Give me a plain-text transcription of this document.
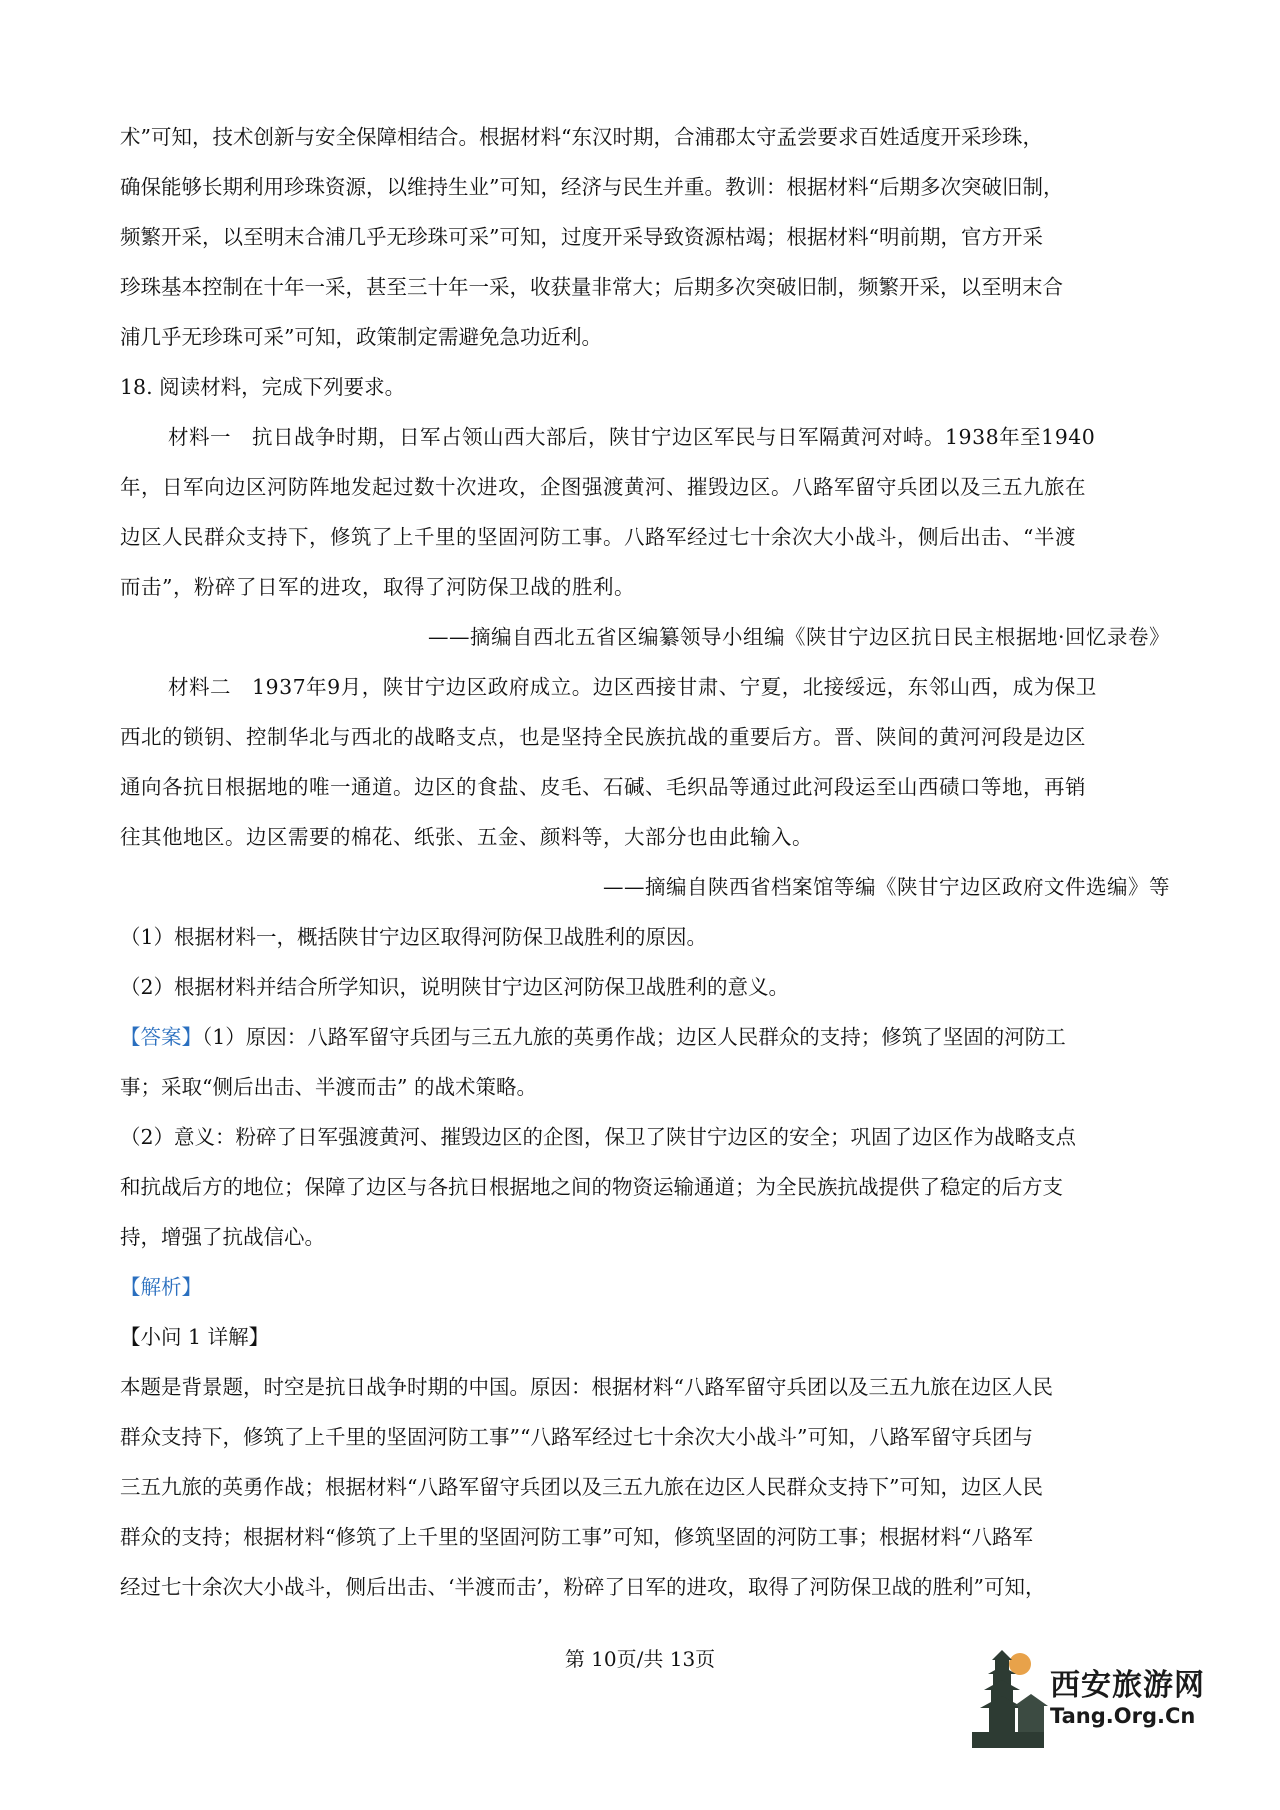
术”可知，技术创新与安全保障相结合。根据材料“东汉时期，合浦郡太守孟尝要求百姓适度开采珍珠，

确保能够长期利用珍珠资源，以维持生业”可知，经济与民生并重。教训：根据材料“后期多次突破旧制，

频繁开采，以至明末合浦几乎无珍珠可采”可知，过度开采导致资源枯竭；根据材料“明前期，官方开采

珍珠基本控制在十年一采，甚至三十年一采，收获量非常大；后期多次突破旧制，频繁开采，以至明末合

浦几乎无珍珠可采”可知，政策制定需避免急功近利。

18. 阅读材料，完成下列要求。

材料一　抗日战争时期，日军占领山西大部后，陕甘宁边区军民与日军隔黄河对峙。1938年至1940

年，日军向边区河防阵地发起过数十次进攻，企图强渡黄河、摧毁边区。八路军留守兵团以及三五九旅在

边区人民群众支持下，修筑了上千里的坚固河防工事。八路军经过七十余次大小战斗，侧后出击、“半渡

而击”，粉碎了日军的进攻，取得了河防保卫战的胜利。

——摘编自西北五省区编纂领导小组编《陕甘宁边区抗日民主根据地·回忆录卷》

材料二　1937年9月，陕甘宁边区政府成立。边区西接甘肃、宁夏，北接绥远，东邻山西，成为保卫

西北的锁钥、控制华北与西北的战略支点，也是坚持全民族抗战的重要后方。晋、陕间的黄河河段是边区

通向各抗日根据地的唯一通道。边区的食盐、皮毛、石碱、毛织品等通过此河段运至山西碛口等地，再销

往其他地区。边区需要的棉花、纸张、五金、颜料等，大部分也由此输入。

——摘编自陕西省档案馆等编《陕甘宁边区政府文件选编》等

（1）根据材料一，概括陕甘宁边区取得河防保卫战胜利的原因。

（2）根据材料并结合所学知识，说明陕甘宁边区河防保卫战胜利的意义。

【答案】（1）原因：八路军留守兵团与三五九旅的英勇作战；边区人民群众的支持；修筑了坚固的河防工

事；采取“侧后出击、半渡而击” 的战术策略。

（2）意义：粉碎了日军强渡黄河、摧毁边区的企图，保卫了陕甘宁边区的安全；巩固了边区作为战略支点

和抗战后方的地位；保障了边区与各抗日根据地之间的物资运输通道；为全民族抗战提供了稳定的后方支

持，增强了抗战信心。

【解析】

【小问 1 详解】

本题是背景题，时空是抗日战争时期的中国。原因：根据材料“八路军留守兵团以及三五九旅在边区人民

群众支持下，修筑了上千里的坚固河防工事”“八路军经过七十余次大小战斗”可知，八路军留守兵团与

三五九旅的英勇作战；根据材料“八路军留守兵团以及三五九旅在边区人民群众支持下”可知，边区人民

群众的支持；根据材料“修筑了上千里的坚固河防工事”可知，修筑坚固的河防工事；根据材料“八路军

经过七十余次大小战斗，侧后出击、‘半渡而击’，粉碎了日军的进攻，取得了河防保卫战的胜利”可知，

第 10页/共 13页
西安旅游网
Tang.Org.Cn
